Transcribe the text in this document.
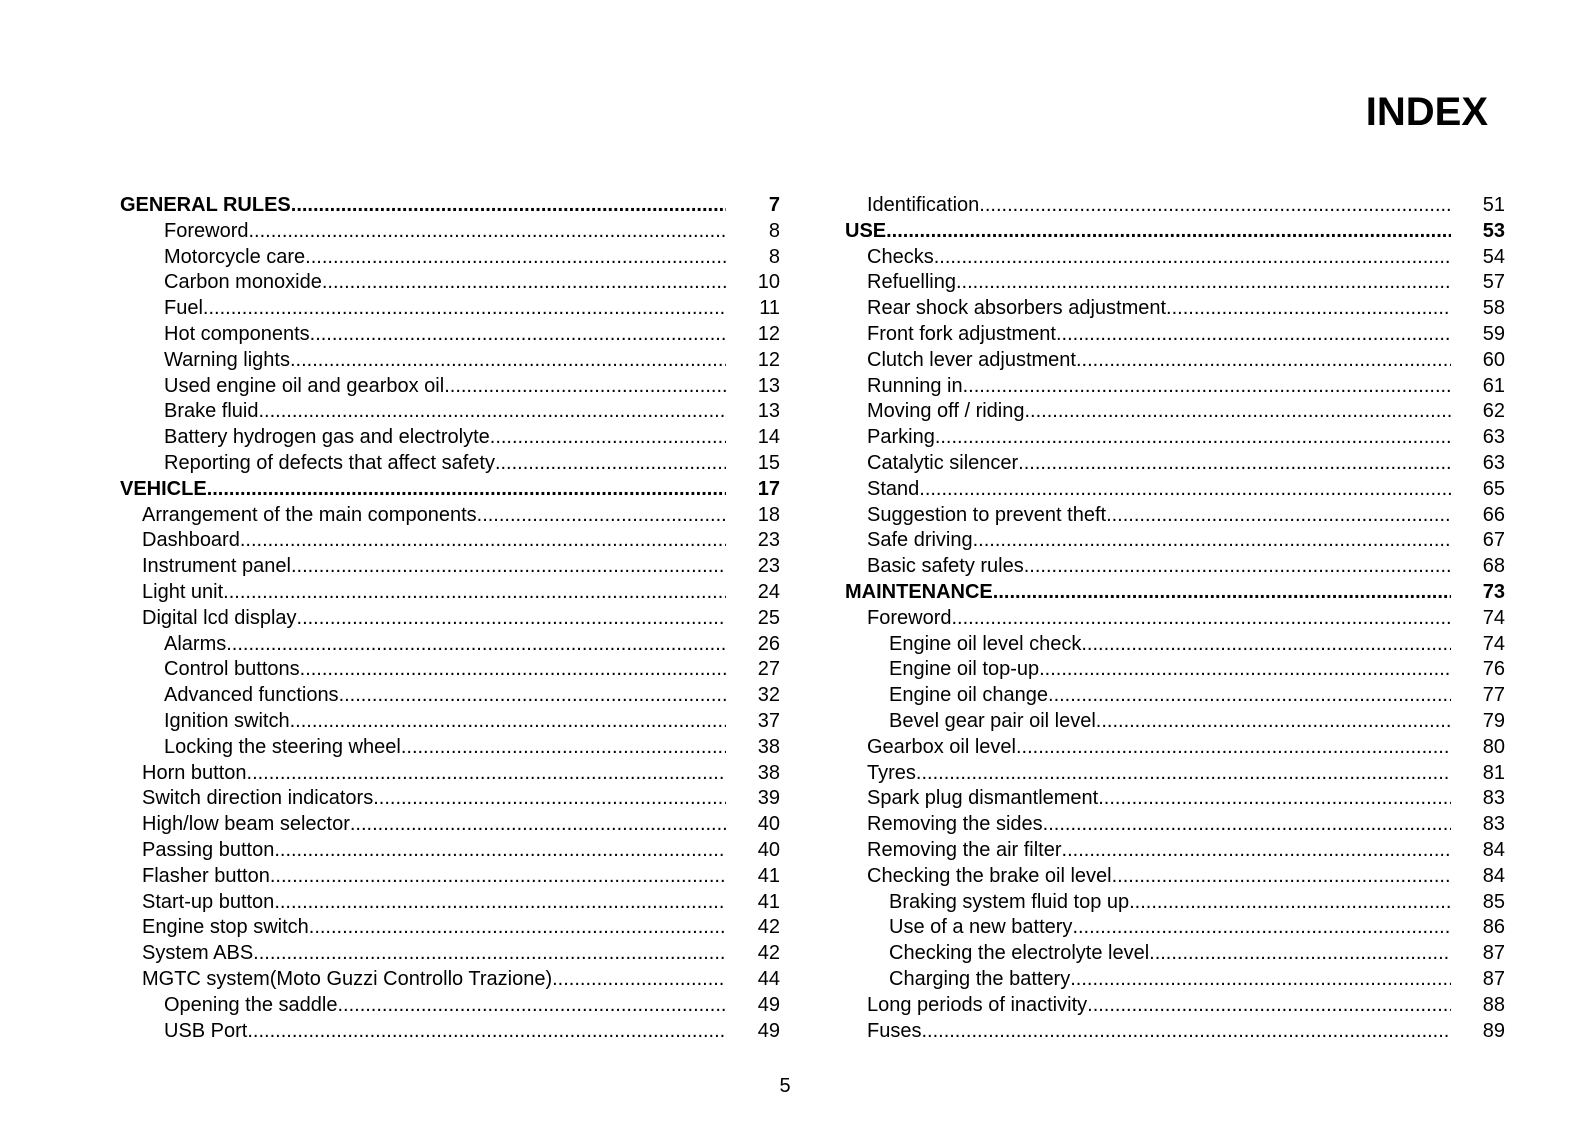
INDEX
GENERAL RULES .....	7
Foreword .....	8
Motorcycle care .....	8
Carbon monoxide .....	10
Fuel .....	11
Hot components .....	12
Warning lights .....	12
Used engine oil and gearbox oil .....	13
Brake fluid .....	13
Battery hydrogen gas and electrolyte .....	14
Reporting of defects that affect safety .....	15
VEHICLE .....	17
Arrangement of the main components .....	18
Dashboard .....	23
Instrument panel .....	23
Light unit .....	24
Digital lcd display .....	25
Alarms .....	26
Control buttons .....	27
Advanced functions .....	32
Ignition switch .....	37
Locking the steering wheel .....	38
Horn button .....	38
Switch direction indicators .....	39
High/low beam selector .....	40
Passing button .....	40
Flasher button .....	41
Start-up button .....	41
Engine stop switch .....	42
System ABS .....	42
MGTC system(Moto Guzzi Controllo Trazione) .....	44
Opening the saddle .....	49
USB Port .....	49
Identification .....	51
USE .....	53
Checks .....	54
Refuelling .....	57
Rear shock absorbers adjustment .....	58
Front fork adjustment .....	59
Clutch lever adjustment .....	60
Running in .....	61
Moving off / riding .....	62
Parking .....	63
Catalytic silencer .....	63
Stand .....	65
Suggestion to prevent theft .....	66
Safe driving .....	67
Basic safety rules .....	68
MAINTENANCE .....	73
Foreword .....	74
Engine oil level check .....	74
Engine oil top-up .....	76
Engine oil change .....	77
Bevel gear pair oil level .....	79
Gearbox oil level .....	80
Tyres .....	81
Spark plug dismantlement .....	83
Removing the sides .....	83
Removing the air filter .....	84
Checking the brake oil level .....	84
Braking system fluid top up .....	85
Use of a new battery .....	86
Checking the electrolyte level .....	87
Charging the battery .....	87
Long periods of inactivity .....	88
Fuses .....	89
5
